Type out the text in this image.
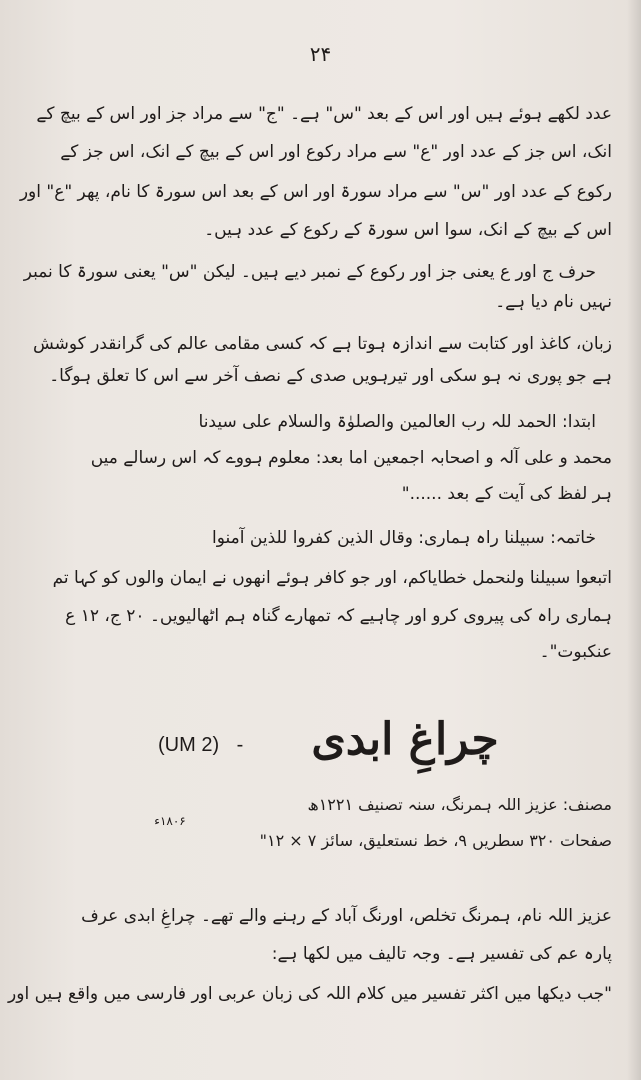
۲۴
عدد لکھے ہوئے ہیں اور اس کے بعد "س" ہے۔ "ج" سے مراد جز اور اس کے بیچ کے
انک، اس جز کے عدد اور "ع" سے مراد رکوع اور اس کے بیچ کے انک، اس جز کے
رکوع کے عدد اور "س" سے مراد سورۃ اور اس کے بعد اس سورۃ کا نام، پھر "ع" اور
اس کے بیچ کے انک، سوا اس سورۃ کے رکوع کے عدد ہیں۔
حرف ج اور ع یعنی جز اور رکوع کے نمبر دیے ہیں۔ لیکن "س" یعنی سورۃ کا نمبر
نہیں نام دیا ہے۔
زبان، کاغذ اور کتابت سے اندازہ ہوتا ہے کہ کسی مقامی عالم کی گرانقدر کوشش
ہے جو پوری نہ ہو سکی اور تیرہویں صدی کے نصف آخر سے اس کا تعلق ہوگا۔
ابتدا: الحمد للہ رب العالمین والصلوٰۃ والسلام علی سیدنا
محمد و علی آلہ و اصحابہ اجمعین اما بعد: معلوم ہووے کہ اس رسالے میں
ہر لفظ کی آیت کے بعد ......"
خاتمہ: سبیلنا راہ ہماری: وقال الذین کفروا للذین آمنوا
اتبعوا سبیلنا ولنحمل خطایاکم، اور جو کافر ہوئے انھوں نے ایمان والوں کو کہا تم
ہماری راہ کی پیروی کرو اور چاہیے کہ تمھارے گناہ ہم اٹھالیویں۔ ۲۰ ج، ۱۲ ع
عنکبوت"۔
چراغِ ابدی
(UM 2) -
مصنف: عزیز اللہ ہمرنگ، سنہ تصنیف ۱۲۲۱ھ
۱۸۰۶ء
صفحات ۳۲۰ سطریں ۹، خط نستعلیق، سائز ۷ × ۱۲"
عزیز اللہ نام، ہمرنگ تخلص، اورنگ آباد کے رہنے والے تھے۔ چراغِ ابدی عرف
پارہ عم کی تفسیر ہے۔ وجہ تالیف میں لکھا ہے:
"جب دیکھا میں اکثر تفسیر میں کلام اللہ کی زبان عربی اور فارسی میں واقع ہیں اور
